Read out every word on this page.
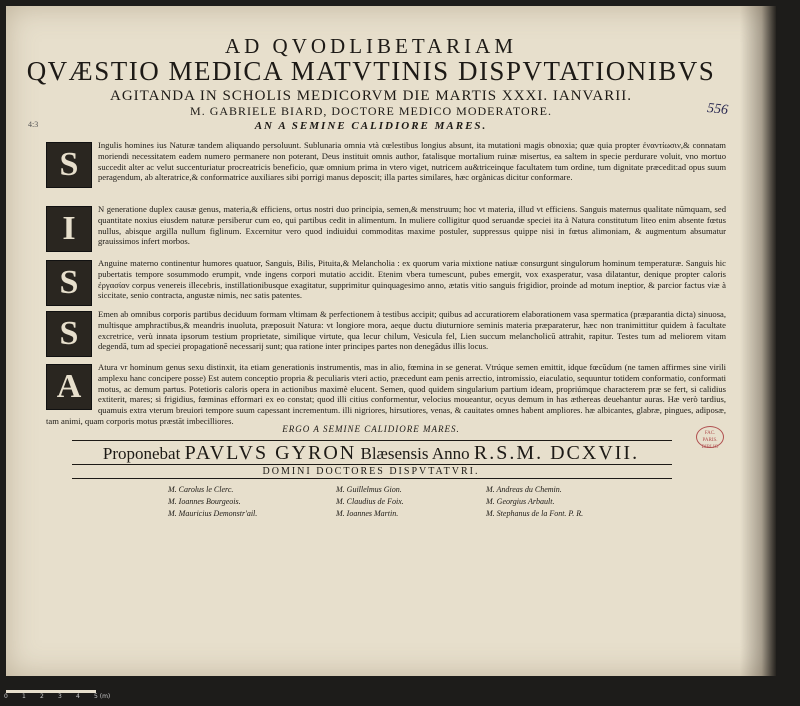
4:3
556
AD QVODLIBETARIAM
QVÆSTIO MEDICA MATVTINIS DISPVTATIONIBVS
AGITANDA IN SCHOLIS MEDICORVM DIE MARTIS XXXI. IANVARII.
M. GABRIELE BIARD, DOCTORE MEDICO MODERATORE.
AN A SEMINE CALIDIORE MARES.
S
Ingulis homines ius Naturæ tandem aliquando persoluunt. Sublunaria omnia vtà cœlestibus longius absunt, ita mutationi magis obnoxia; quæ quia propter ἐναντίωσιν,& connatam moriendi necessitatem eadem numero permanere non poterant, Deus instituit omnis author, fatalisque mortalium ruinæ misertus, ea saltem in specie perdurare voluit, vno mortuo succedit alter ac velut succenturiatur procreatricis beneficio, quæ omnium prima in vtero viget, nutricem au&triceinque facultatem tum ordine, tum dignitate præcedit:ad opus suum peragendum, ab alteratrice,& conformatrice auxiliares sibi porrigi manus deposcit; illa partes similares, hæc orgànicas dicitur conformare.
I
N generatione duplex causæ genus, materia,& efficiens, ortus nostri duo principia, semen,& menstruum; hoc vt materia, illud vt efficiens. Sanguis maternus qualitate nūmquam, sed quantitate noxius eiusdem naturæ persiberur cum eo, qui partibus cedit in alimentum. In muliere colligitur quod seruandæ speciei ita à Natura constitutum liteo enim absente fœtus nullus, abisque argilla nullum figlinum. Excernitur vero quod indiuidui commoditas maxime postuler, suppressus quippe nisi in fœtus alimoniam, & augmentum absumatur grauissimos infert morbos.
S
Anguine materno continentur humores quatuor, Sanguis, Bilis, Pituita,& Melancholia : ex quorum varia mixtione natiuæ consurgunt singulorum hominum temperaturæ. Sanguis hic pubertatis tempore sosummodo erumpit, vnde ingens corpori mutatio accidit. Etenim vbera tumescunt, pubes emergit, vox exasperatur, vasa dilatantur, denique propter caloris ἐργασίαν corpus venereis illecebris, instillationibusque exagitatur, supprimitur quinquagesimo anno, ætatis vitio sanguis frigidior, proinde ad motum ineptior, & parcior factus viæ à siccitate, senio contracta, angustæ nimis, nec satis patentes.
S
Emen ab omnibus corporis partibus deciduum formam vltimam & perfectionem à testibus accipit; quibus ad accuratiorem elaborationem vasa spermatica (præparantia dicta) sinuosa, multisque amphractibus,& meandris inuoluta, præposuit Natura: vt longiore mora, aeque ductu diuturniore seminis materia præparaterur, hæc non tranimittitur quidem à facultate excretrice, verù innata ipsorum testium proprietate, similique virtute, qua lecur chilum, Vesicula fel, Lien succum melancholicū attrahit, rapitur. Testes tum ad meliorem vitam degendā, tum ad speciei propagationē necessarij sunt; qua ratione inter principes partes non denegādus illis locus.
A
Atura vr hominum genus sexu distinxit, ita etiam generationis instrumentis, mas in alio, fœmina in se generat. Vtrúque semen emittit, idque fœcūdum (ne tamen affirmes sine virili amplexu hanc concipere posse) Est autem conceptio propria & peculiaris vteri actio, præcedunt eam penis arrectio, intromissio, eiaculatio, sequuntur totidem conformatio, conformati motus, ac demum partus. Potetioris caloris opera in actionibus maximè elucent. Semen, quod quidem singularium partium ideam, propriúmque characterem præ se fert, si calidius extiterit, mares; si frigidius, fœminas efformari ex eo constat; quod illi citius conformentur, velocius moueantur, ocyus demum in has æthereas deuehantur auras. Hæ verò tardius, quamuis extra vterum breuiori tempore suum capessant incrementum. illi nigriores, hirsutiores, venas, & cauitates omnes habent ampliores. hæ albicantes, glabræ, pingues, adiposæ, tam animi, quam corporis motus præstāt imbecilliores.
ERGO A SEMINE CALIDIORE MARES.
Proponebat PAVLVS GYRON Blæsensis Anno R.S.M. DCXVII.
DOMINI DOCTORES DISPVTATVRI.
M. Carolus le Clerc.
M. Ioannes Bourgeois.
M. Mauricius Demonstr'ail.
M. Guillelmus Gion.
M. Claudius de Foix.
M. Ioannes Martin.
M. Andreas du Chemin.
M. Georgius Arbault.
M. Stephanus de la Font. P. R.
FAC. PARIS. BIBLIO
0 1 2 3 4 5 (m)
